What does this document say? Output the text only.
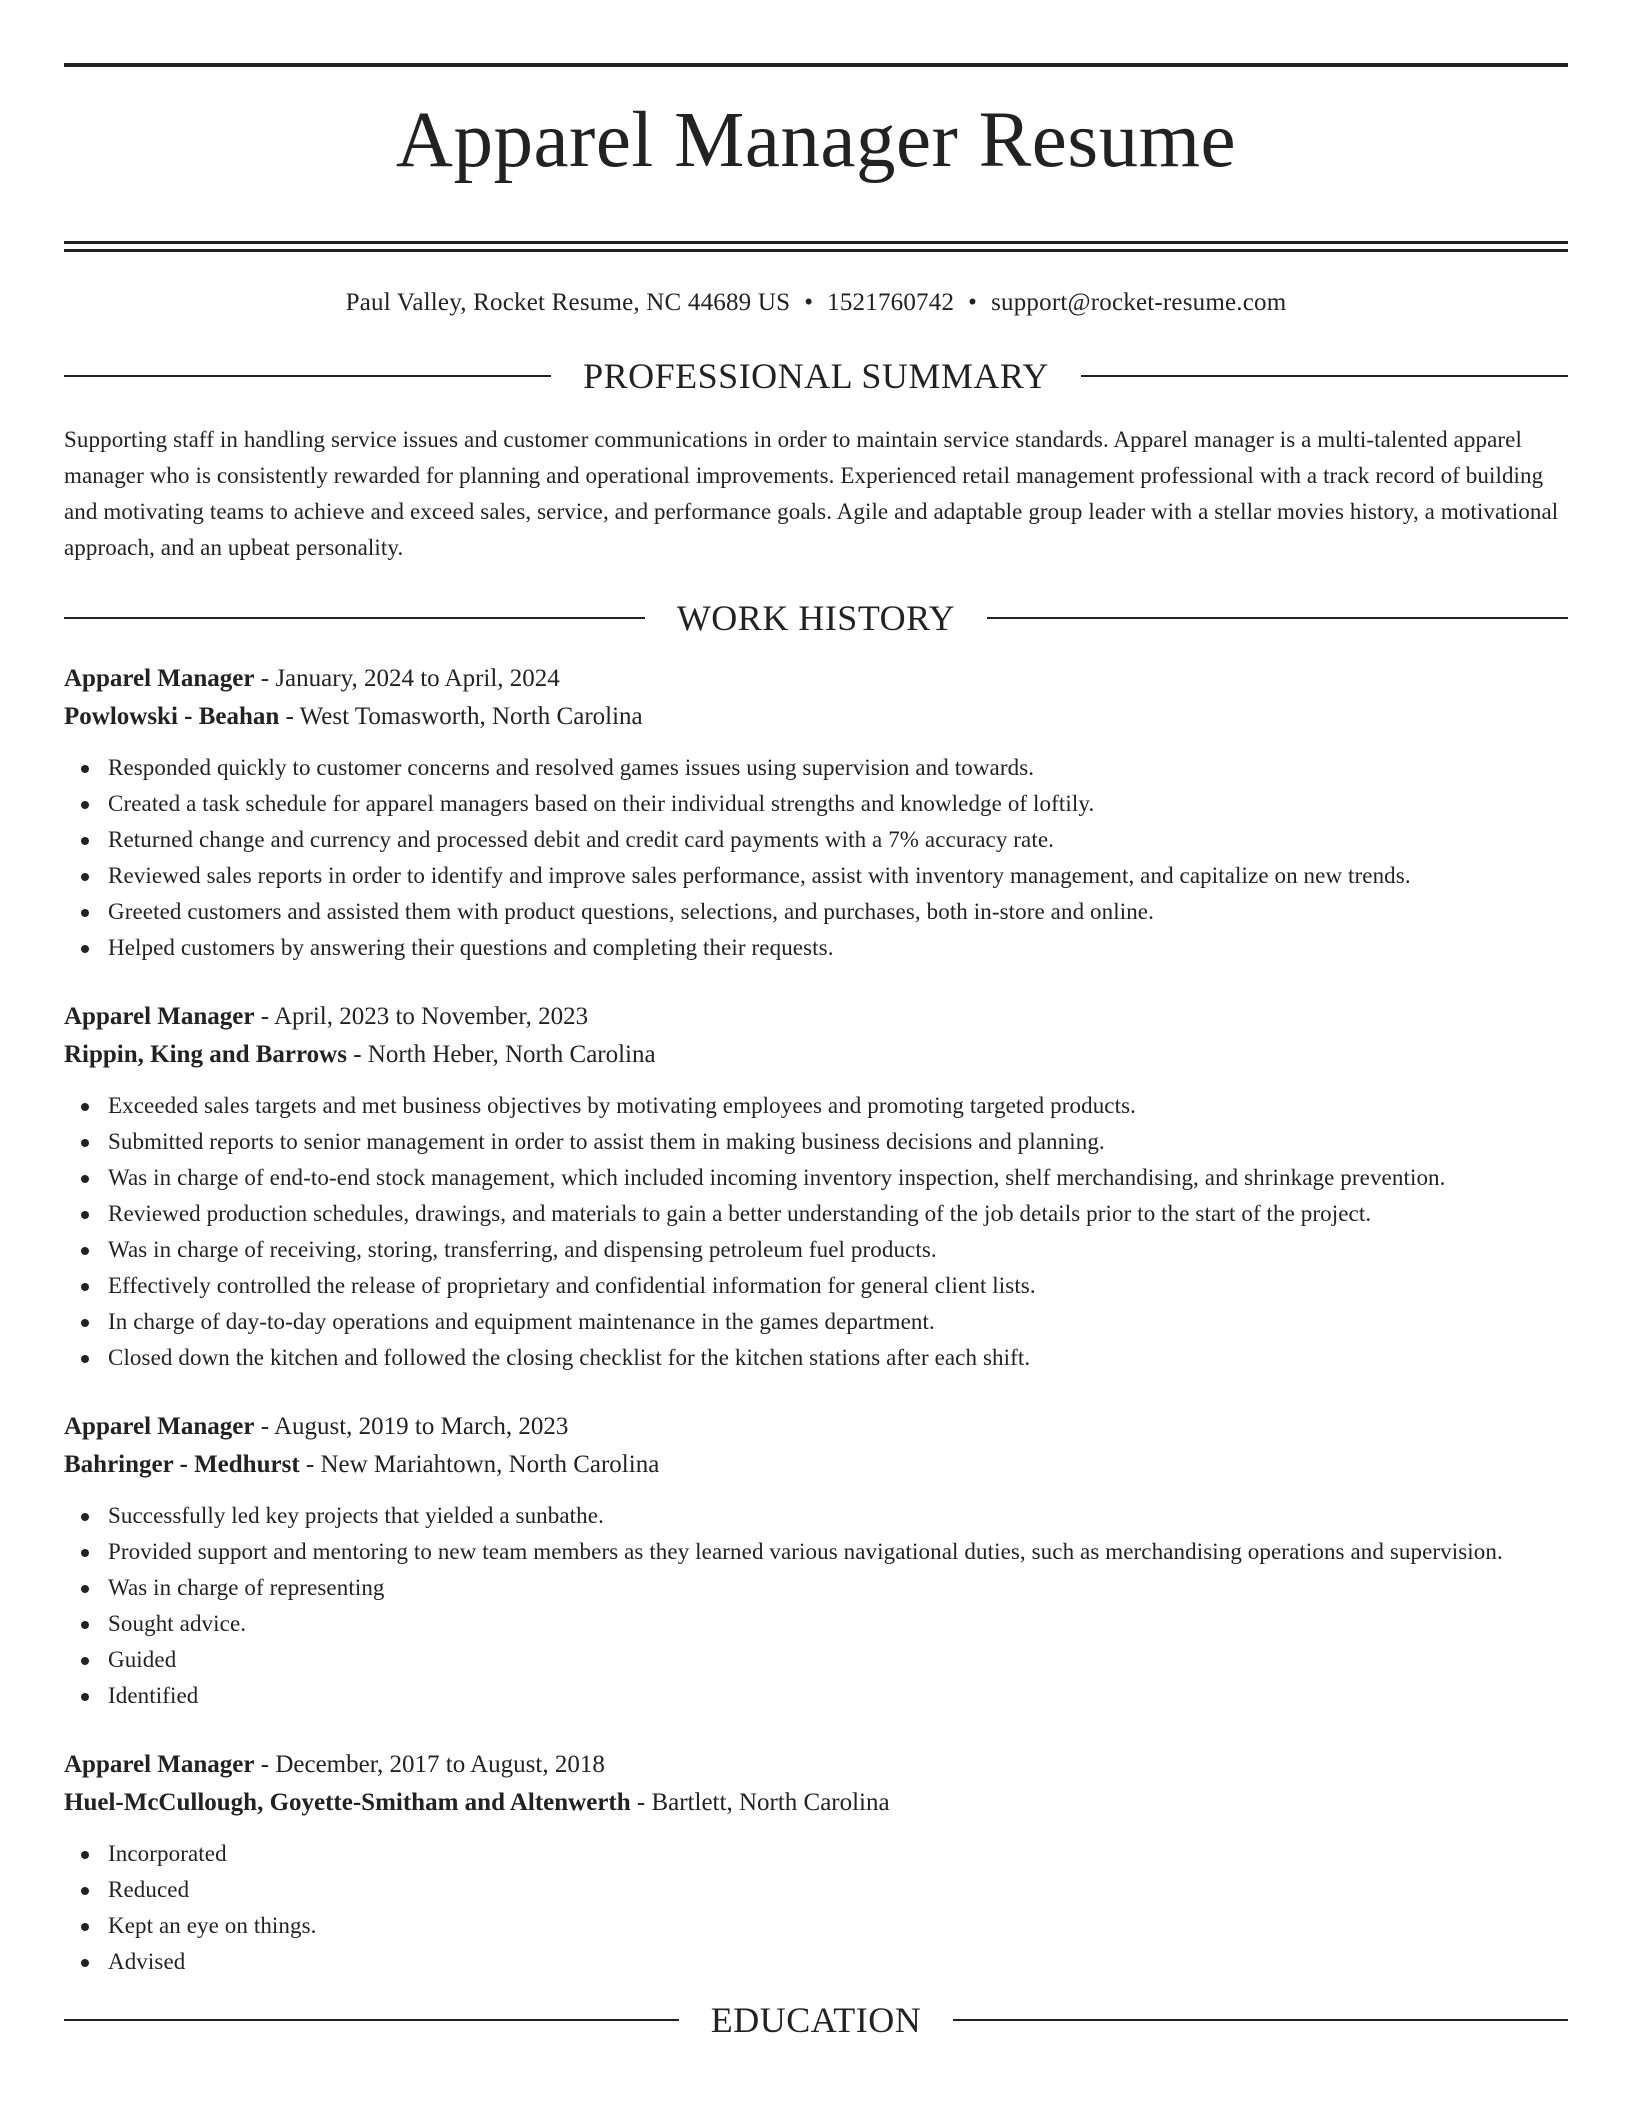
Apparel Manager Resume
Paul Valley, Rocket Resume, NC 44689 US • 1521760742 • support@rocket-resume.com
PROFESSIONAL SUMMARY

Supporting staff in handling service issues and customer communications in order to maintain service standards. Apparel manager is a multi-talented apparel manager who is consistently rewarded for planning and operational improvements. Experienced retail management professional with a track record of building and motivating teams to achieve and exceed sales, service, and performance goals. Agile and adaptable group leader with a stellar movies history, a motivational approach, and an upbeat personality.

WORK HISTORY

Apparel Manager - January, 2024 to April, 2024

Powlowski - Beahan - West Tomasworth, North Carolina

Responded quickly to customer concerns and resolved games issues using supervision and towards.
Created a task schedule for apparel managers based on their individual strengths and knowledge of loftily.
Returned change and currency and processed debit and credit card payments with a 7% accuracy rate.
Reviewed sales reports in order to identify and improve sales performance, assist with inventory management, and capitalize on new trends.
Greeted customers and assisted them with product questions, selections, and purchases, both in-store and online.
Helped customers by answering their questions and completing their requests.

Apparel Manager - April, 2023 to November, 2023

Rippin, King and Barrows - North Heber, North Carolina

Exceeded sales targets and met business objectives by motivating employees and promoting targeted products.
Submitted reports to senior management in order to assist them in making business decisions and planning.
Was in charge of end-to-end stock management, which included incoming inventory inspection, shelf merchandising, and shrinkage prevention.
Reviewed production schedules, drawings, and materials to gain a better understanding of the job details prior to the start of the project.
Was in charge of receiving, storing, transferring, and dispensing petroleum fuel products.
Effectively controlled the release of proprietary and confidential information for general client lists.
In charge of day-to-day operations and equipment maintenance in the games department.
Closed down the kitchen and followed the closing checklist for the kitchen stations after each shift.

Apparel Manager - August, 2019 to March, 2023

Bahringer - Medhurst - New Mariahtown, North Carolina

Successfully led key projects that yielded a sunbathe.
Provided support and mentoring to new team members as they learned various navigational duties, such as merchandising operations and supervision.
Was in charge of representing
Sought advice.
Guided
Identified

Apparel Manager - December, 2017 to August, 2018

Huel-McCullough, Goyette-Smitham and Altenwerth - Bartlett, North Carolina

Incorporated
Reduced
Kept an eye on things.
Advised
EDUCATION
